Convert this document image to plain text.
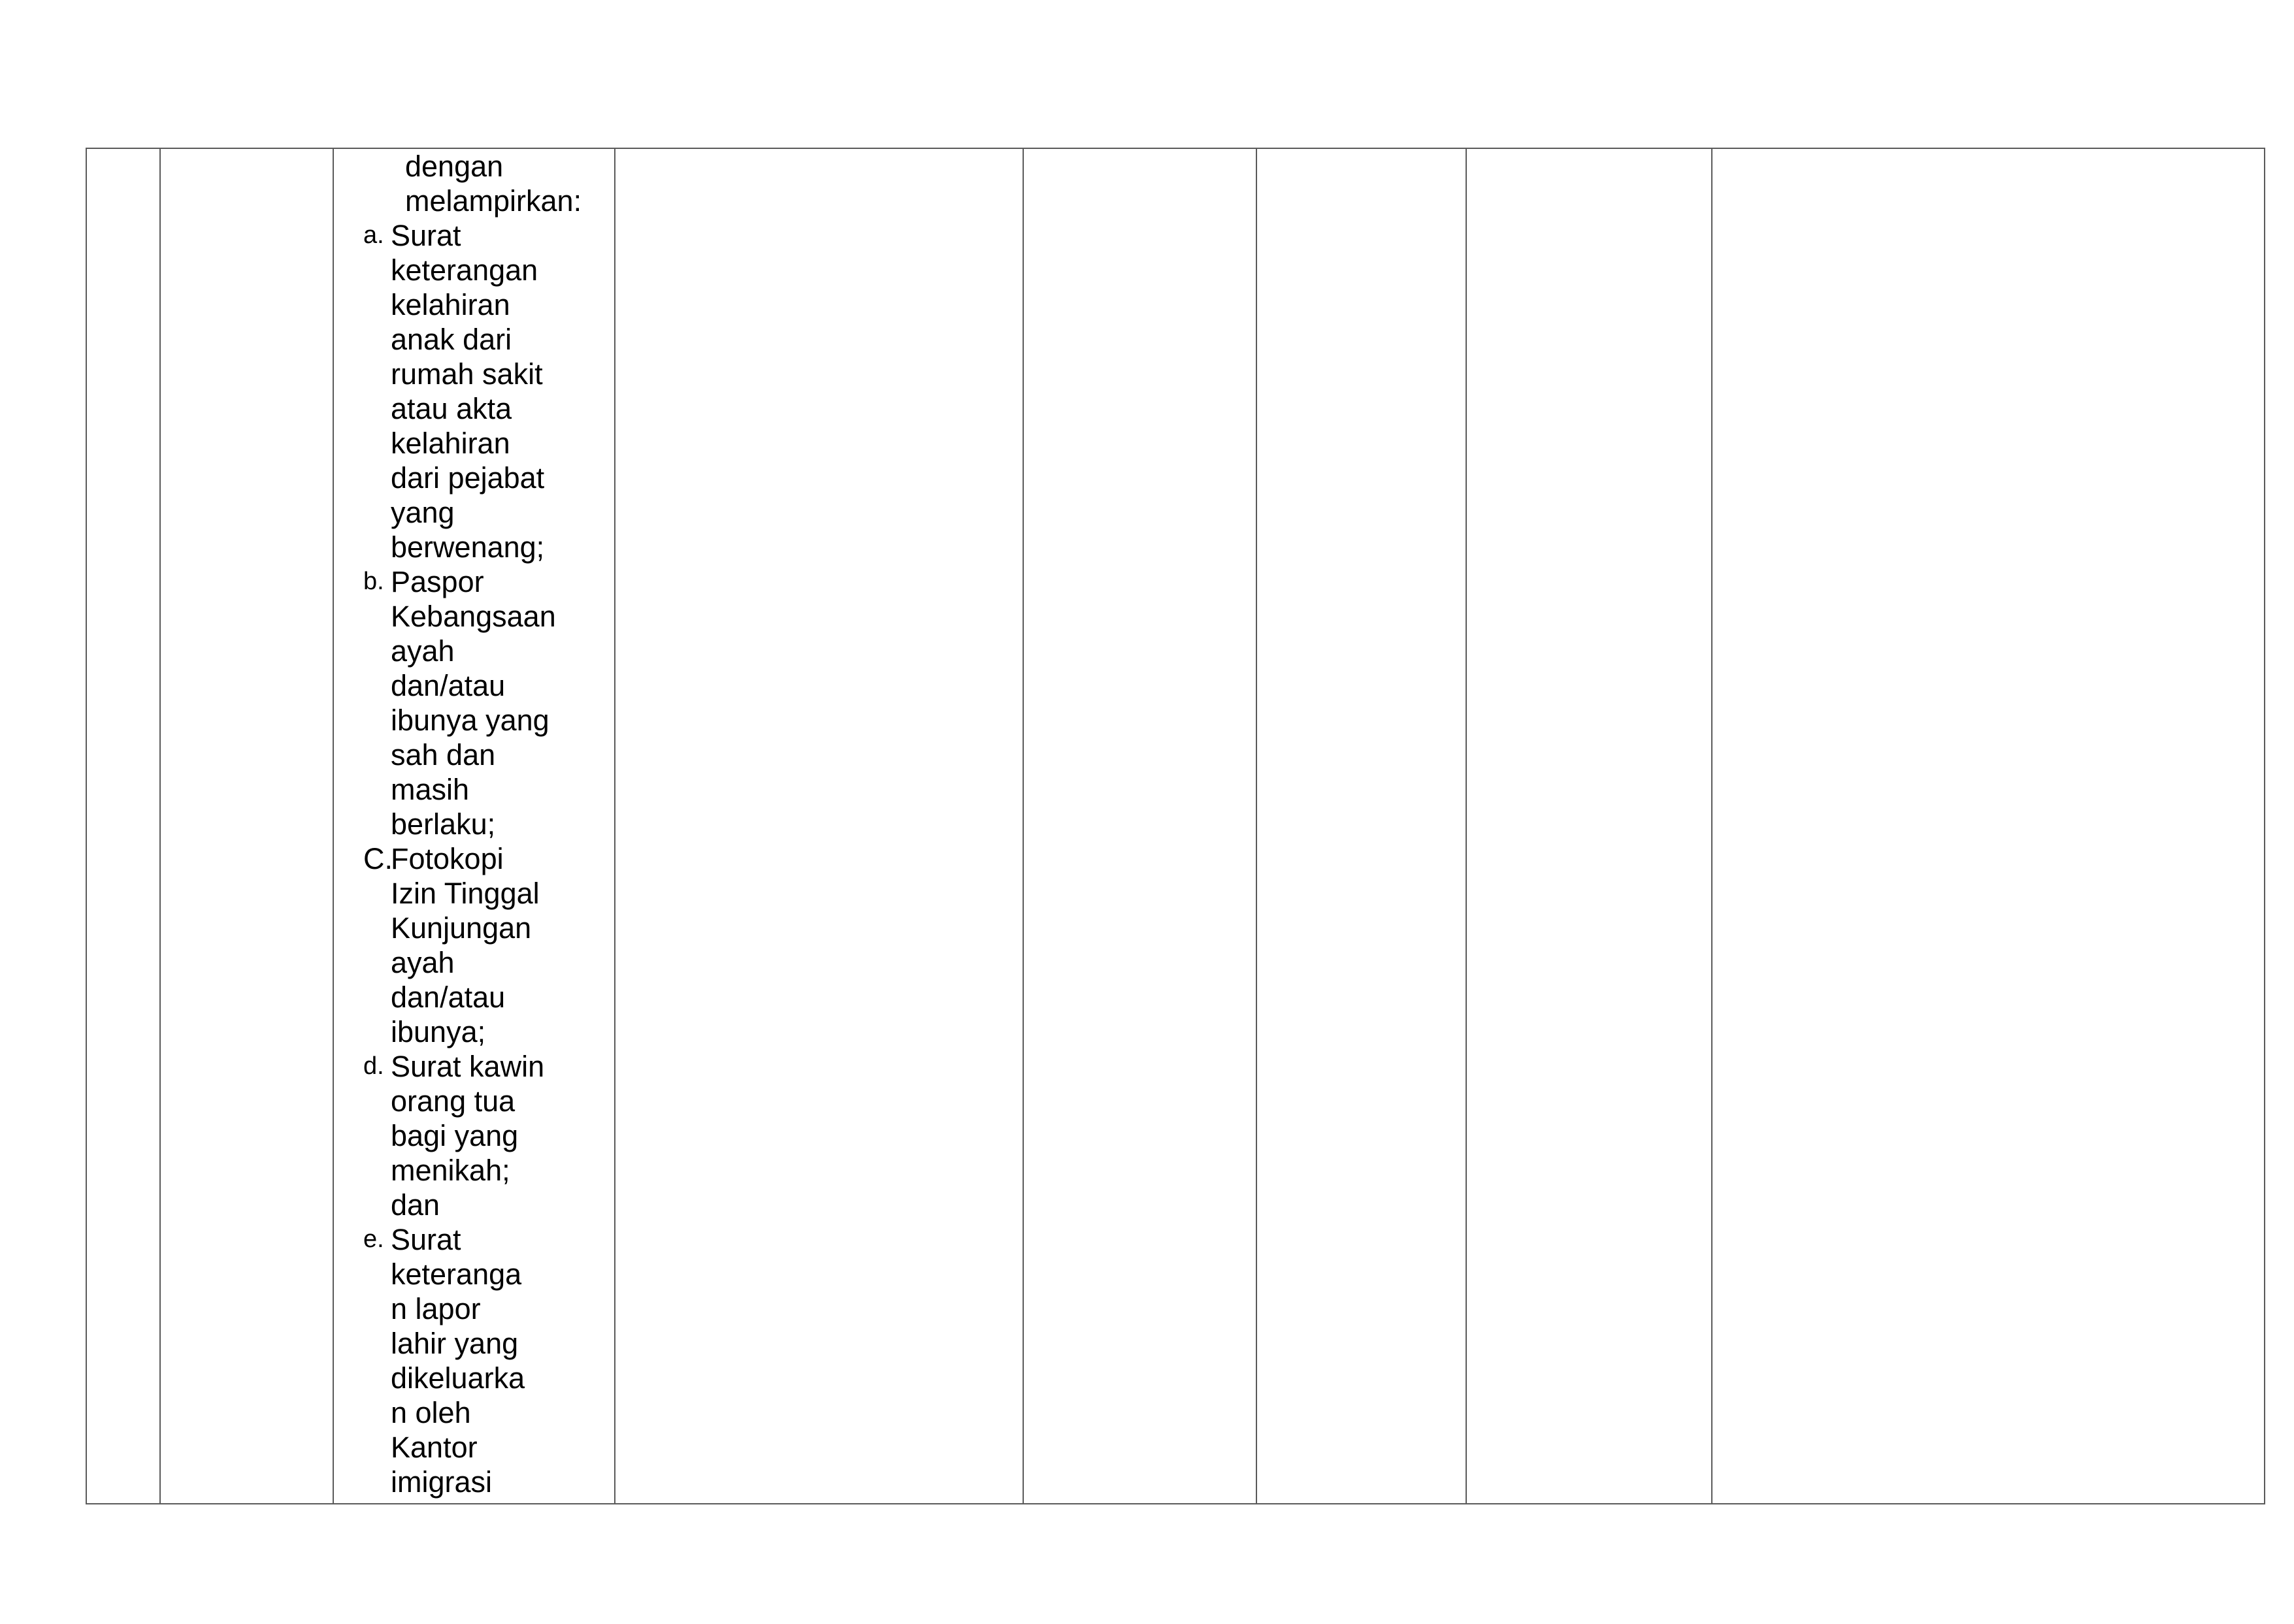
dengan
melampirkan:
a. Surat
keterangan
kelahiran
anak dari
rumah sakit
atau akta
kelahiran
dari pejabat
yang
berwenang;
b. Paspor
Kebangsaan
ayah
dan/atau
ibunya yang
sah dan
masih
berlaku;
C.
Fotokopi
Izin Tinggal
Kunjungan
ayah
dan/atau
ibunya;
d. Surat kawin
orang tua
bagi yang
menikah;
dan
e. Surat
keteranga
n lapor
lahir yang
dikeluarka
n oleh
Kantor
imigrasi
